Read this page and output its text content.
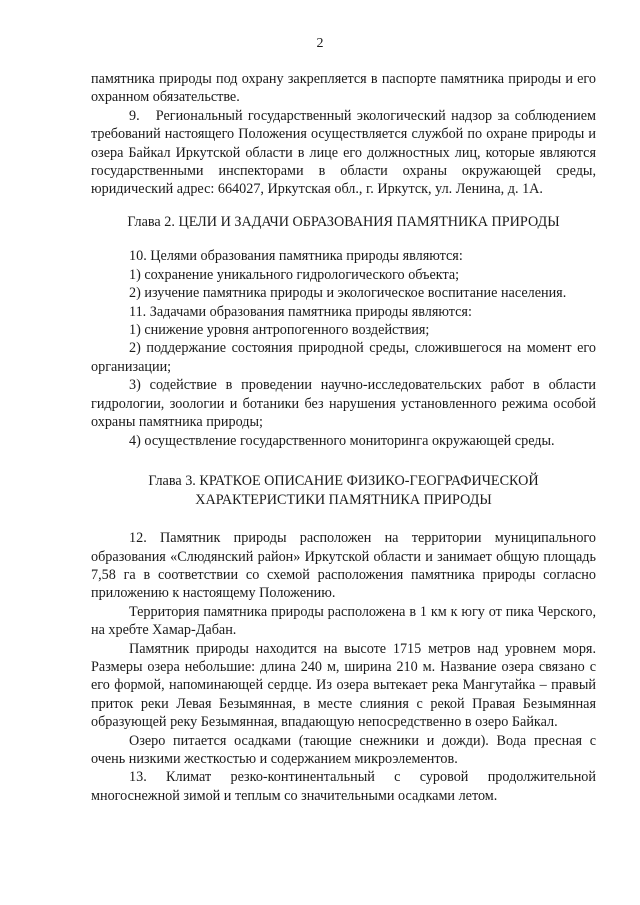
2

памятника природы под охрану закрепляется в паспорте памятника природы и его охранном обязательстве.

9.   Региональный государственный экологический надзор за соблюдением требований настоящего Положения осуществляется службой по охране природы и озера Байкал Иркутской области в лице его должностных лиц, которые являются государственными инспекторами в области охраны окружающей среды, юридический адрес: 664027, Иркутская обл., г. Иркутск, ул. Ленина, д. 1А.

Глава 2. ЦЕЛИ И ЗАДАЧИ ОБРАЗОВАНИЯ ПАМЯТНИКА ПРИРОДЫ

10. Целями образования памятника природы являются:

1) сохранение уникального гидрологического объекта;

2) изучение памятника природы и экологическое воспитание населения.

11. Задачами образования памятника природы являются:

1) снижение уровня антропогенного воздействия;

2) поддержание состояния природной среды, сложившегося на момент его организации;

3) содействие в проведении научно-исследовательских работ в области гидрологии, зоологии и ботаники без нарушения установленного режима особой охраны памятника природы;

4) осуществление государственного мониторинга окружающей среды.

Глава 3. КРАТКОЕ ОПИСАНИЕ ФИЗИКО-ГЕОГРАФИЧЕСКОЙ
ХАРАКТЕРИСТИКИ ПАМЯТНИКА ПРИРОДЫ

12. Памятник природы расположен на территории муниципального образования «Слюдянский район» Иркутской области и занимает общую площадь 7,58 га в соответствии со схемой расположения памятника природы согласно приложению к настоящему Положению.

Территория памятника природы расположена в 1 км к югу от пика Черского, на хребте Хамар-Дабан.

Памятник природы находится на высоте 1715 метров над уровнем моря. Размеры озера небольшие: длина 240 м, ширина 210 м. Название озера связано с его формой, напоминающей сердце. Из озера вытекает река Мангутайка – правый приток реки Левая Безымянная, в месте слияния с рекой Правая Безымянная образующей реку Безымянная, впадающую непосредственно в озеро Байкал.

Озеро питается осадками (тающие снежники и дожди). Вода пресная с очень низкими жесткостью и содержанием микроэлементов.

13. Климат резко-континентальный с суровой продолжительной многоснежной зимой и теплым со значительными осадками летом.
